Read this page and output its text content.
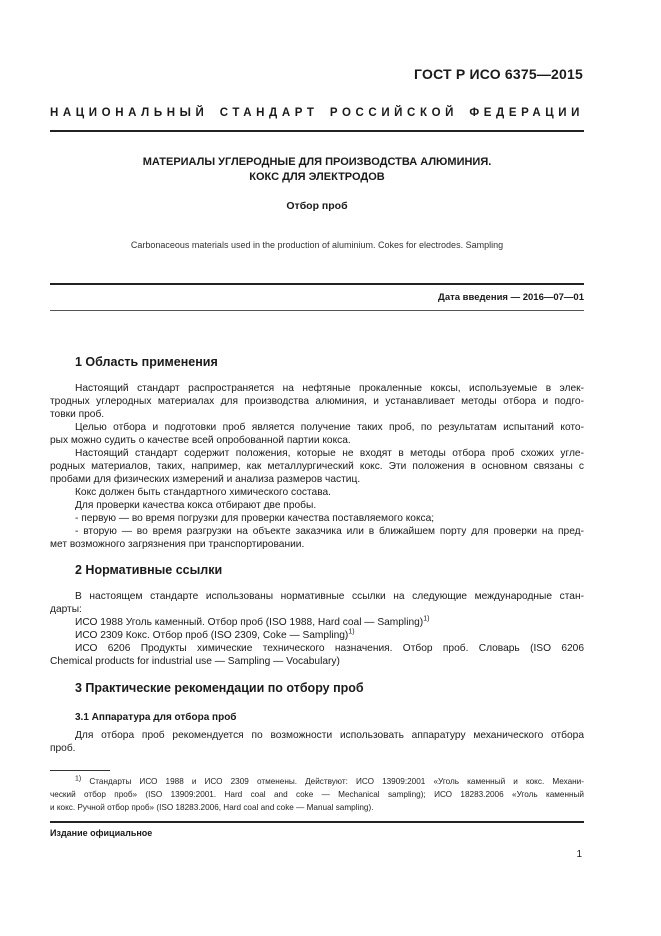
ГОСТ Р ИСО 6375—2015
НАЦИОНАЛЬНЫЙ СТАНДАРТ РОССИЙСКОЙ ФЕДЕРАЦИИ
МАТЕРИАЛЫ УГЛЕРОДНЫЕ ДЛЯ ПРОИЗВОДСТВА АЛЮМИНИЯ.
КОКС ДЛЯ ЭЛЕКТРОДОВ
Отбор проб
Carbonaceous materials used in the production of aluminium. Cokes for electrodes. Sampling
Дата введения — 2016—07—01
1 Область применения
Настоящий стандарт распространяется на нефтяные прокаленные коксы, используемые в элек-
тродных углеродных материалах для производства алюминия, и устанавливает методы отбора и подго-
товки проб.
Целью отбора и подготовки проб является получение таких проб, по результатам испытаний кото-
рых можно судить о качестве всей опробованной партии кокса.
Настоящий стандарт содержит положения, которые не входят в методы отбора проб схожих угле-
родных материалов, таких, например, как металлургический кокс. Эти положения в основном связаны с
пробами для физических измерений и анализа размеров частиц.
Кокс должен быть стандартного химического состава.
Для проверки качества кокса отбирают две пробы.
- первую — во время погрузки для проверки качества поставляемого кокса;
- вторую — во время разгрузки на объекте заказчика или в ближайшем порту для проверки на пред-
мет возможного загрязнения при транспортировании.
2 Нормативные ссылки
В настоящем стандарте использованы нормативные ссылки на следующие международные стан-
дарты:
ИСО 1988 Уголь каменный. Отбор проб (ISO 1988, Hard coal — Sampling)$^{1)}$
ИСО 2309 Кокс. Отбор проб (ISO 2309, Coke — Sampling)$^{1)}$
ИСО 6206 Продукты химические технического назначения. Отбор проб. Словарь (ISO 6206
Chemical products for industrial use — Sampling — Vocabulary)
3 Практические рекомендации по отбору проб
3.1 Аппаратура для отбора проб
Для отбора проб рекомендуется по возможности использовать аппаратуру механического отбора
проб.
$^{1)}$ Стандарты ИСО 1988 и ИСО 2309 отменены. Действуют: ИСО 13909:2001 «Уголь каменный и кокс. Механи-
ческий отбор проб» (ISO 13909:2001. Hard coal and coke — Mechanical sampling); ИСО 18283.2006 «Уголь каменный
и кокс. Ручной отбор проб» (ISO 18283.2006, Hard coal and coke — Manual sampling).
Издание официальное
1
